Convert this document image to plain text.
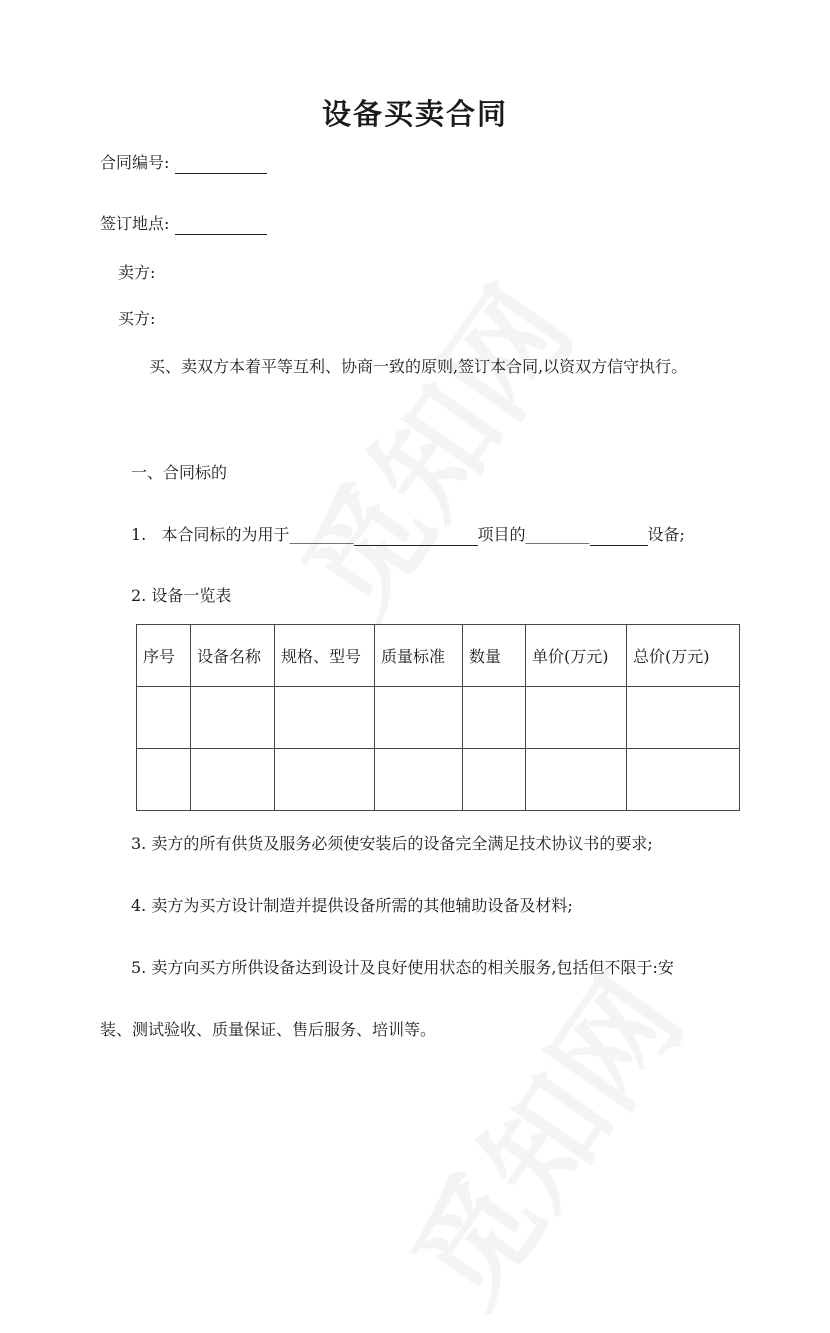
设备买卖合同
合同编号:
签订地点:
卖方:
买方:
买、卖双方本着平等互利、协商一致的原则,签订本合同,以资双方信守执行。
一、合同标的
1.   本合同标的为用于________	项目的________	设备;
2. 设备一览表
序号	设备名称	规格、型号	质量标准	数量	单价(万元)	总价(万元)

3. 卖方的所有供货及服务必须使安装后的设备完全满足技术协议书的要求;
4. 卖方为买方设计制造并提供设备所需的其他辅助设备及材料;
5. 卖方向买方所供设备达到设计及良好使用状态的相关服务,包括但不限于:安
装、测试验收、质量保证、售后服务、培训等。
